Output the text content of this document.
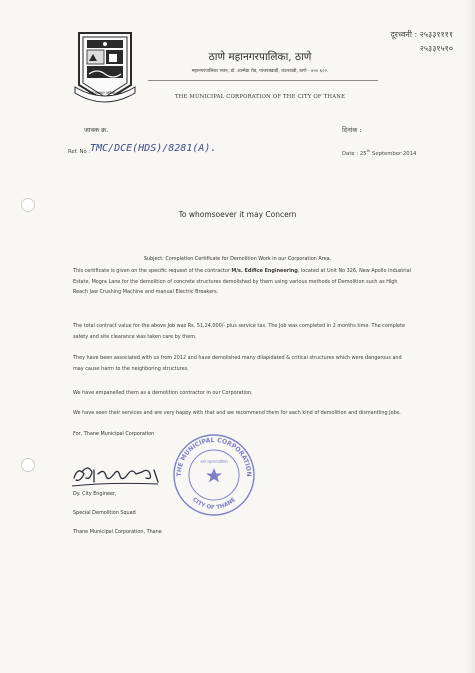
ठाणे महानगर पालिका ठाणे
दूरध्वनी : २५३३११११
२५३३१५१०
ठाणे महानगरपालिका, ठाणे
महानगरपालिका भवन, डॉ. अल्मेडा रोड, पाचपाखाडी, चंदनवाडी, ठाणे - ४०० ६०२.
THE MUNICIPAL CORPORATION OF THE CITY OF THANE
जावक क्र.	दिनांक :
Ref. No : TMC/DCE(HDS)/8281(A).	Date : 25th September 2014
To whomsoever it may Concern
Subject: Completion Certificate for Demolition Work in our Corporation Area.
This certificate is given on the specific request of the contractor M/s. Edifice Engineering, located at Unit No 326, New Apollo Industrial Estate, Mogra Lane for the demolition of concrete structures demolished by them using various methods of Demolition such as High Reach Jaw Crushing Machine and manual Electric Breakers.
The total contract value for the above Job was Rs. 51,24,000/- plus service tax. The Job was completed in 2 months time. The complete safety and site clearance was taken care by them.
They have been associated with us from 2012 and have demolished many dilapidated & critical structures which were dangerous and may cause harm to the neighboring structures.
We have empanelled them as a demolition contractor in our Corporation.
We have seen their services and are very happy with that and we recommend them for each kind of demolition and dismantling Jobs.
For, Thane Municipal Corporation
THE MUNICIPAL CORPORATION
CITY OF THANE
ठाणे महानगरपालिका
Dy. City Engineer,
Special Demolition Squad
Thane Municipal Corporation, Thane
